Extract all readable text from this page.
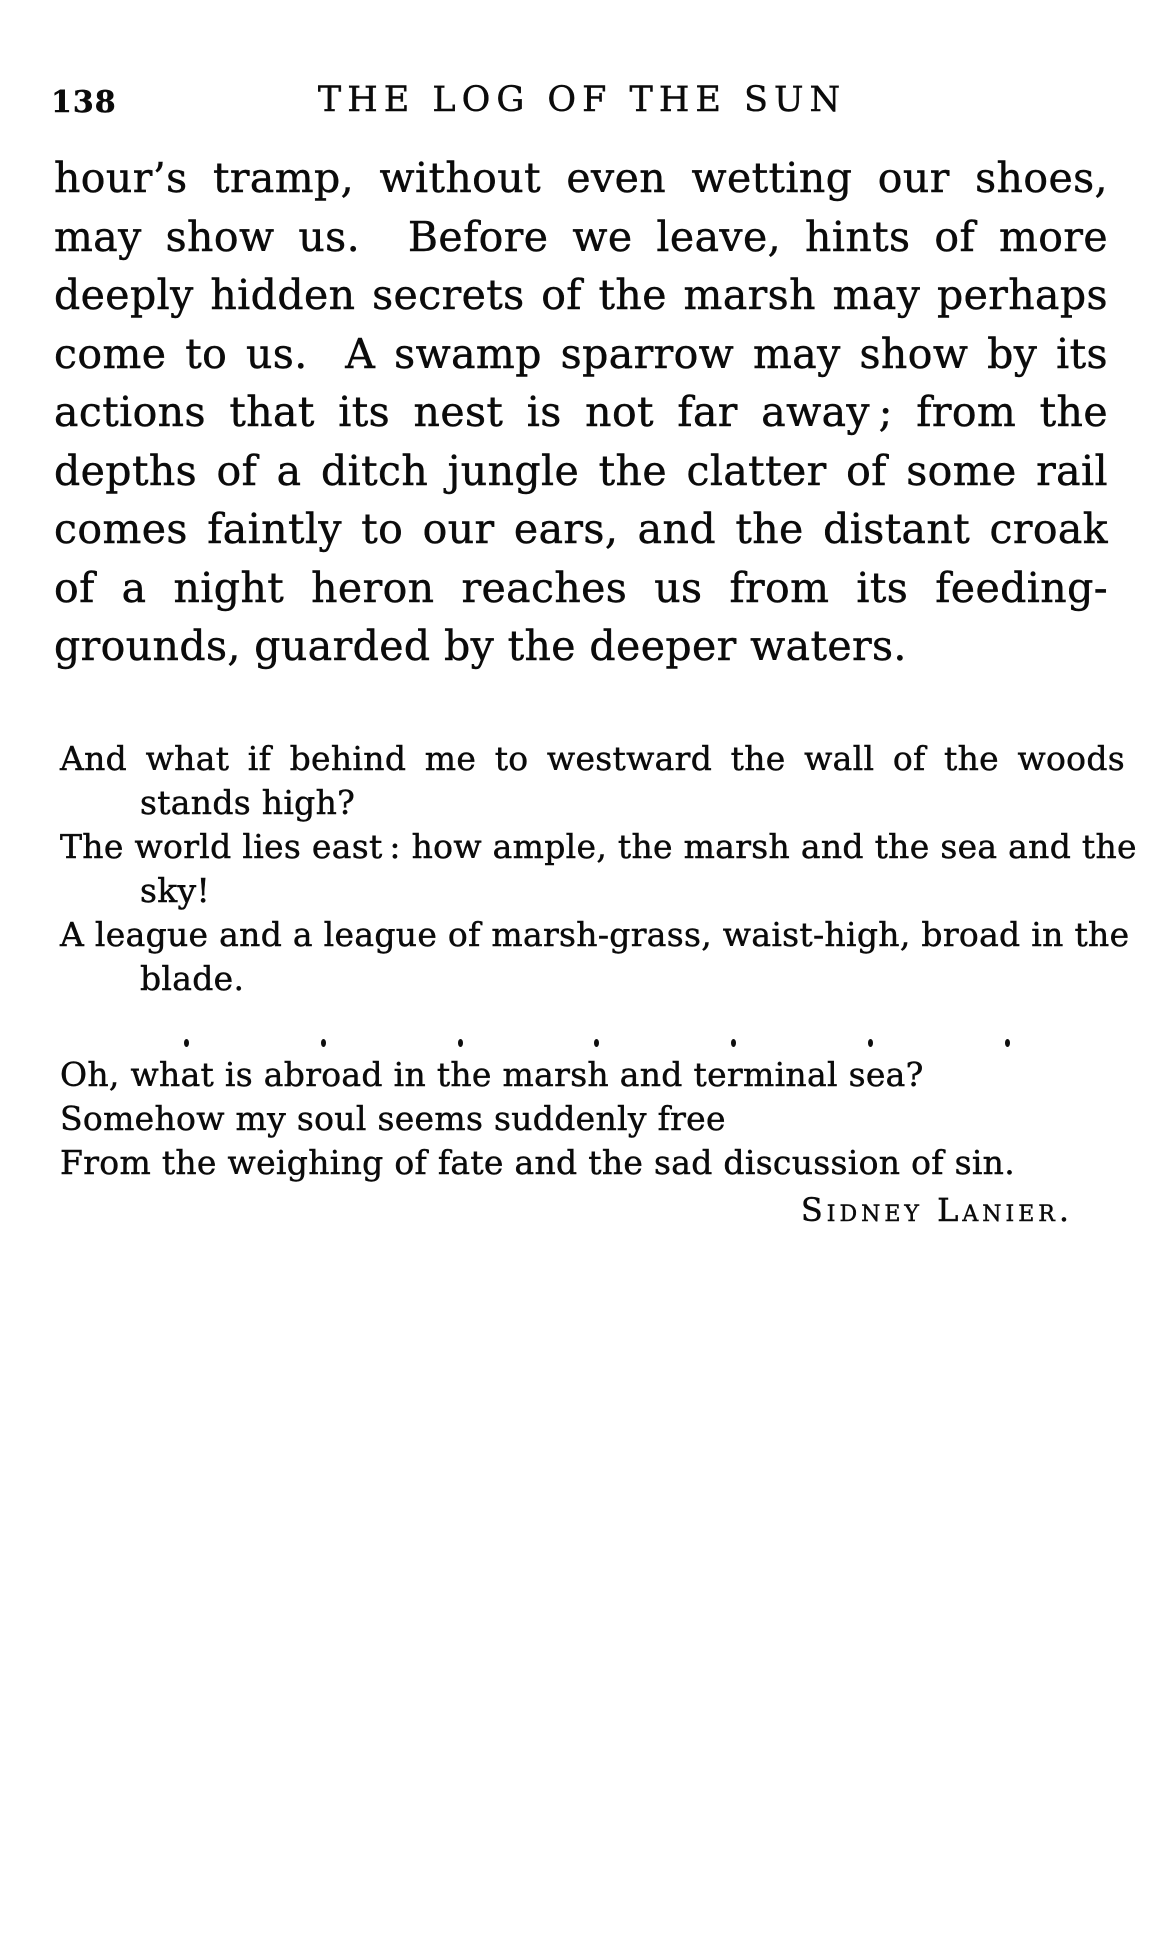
138	THE LOG OF THE SUN
hour’s tramp, without even wetting our shoes,
may show us.  Before we leave, hints of more
deeply hidden secrets of the marsh may perhaps
come to us.  A swamp sparrow may show by its
actions that its nest is not far away ; from the
depths of a ditch jungle the clatter of some rail
comes faintly to our ears, and the distant croak
of a night heron reaches us from its feeding-
grounds, guarded by the deeper waters.
And what if behind me to westward the wall of the woods
stands high?
The world lies east : how ample, the marsh and the sea and the
sky!
A league and a league of marsh-grass, waist-high, broad in the
blade.
Oh, what is abroad in the marsh and terminal sea?
Somehow my soul seems suddenly free
From the weighing of fate and the sad discussion of sin.
Sidney Lanier.
